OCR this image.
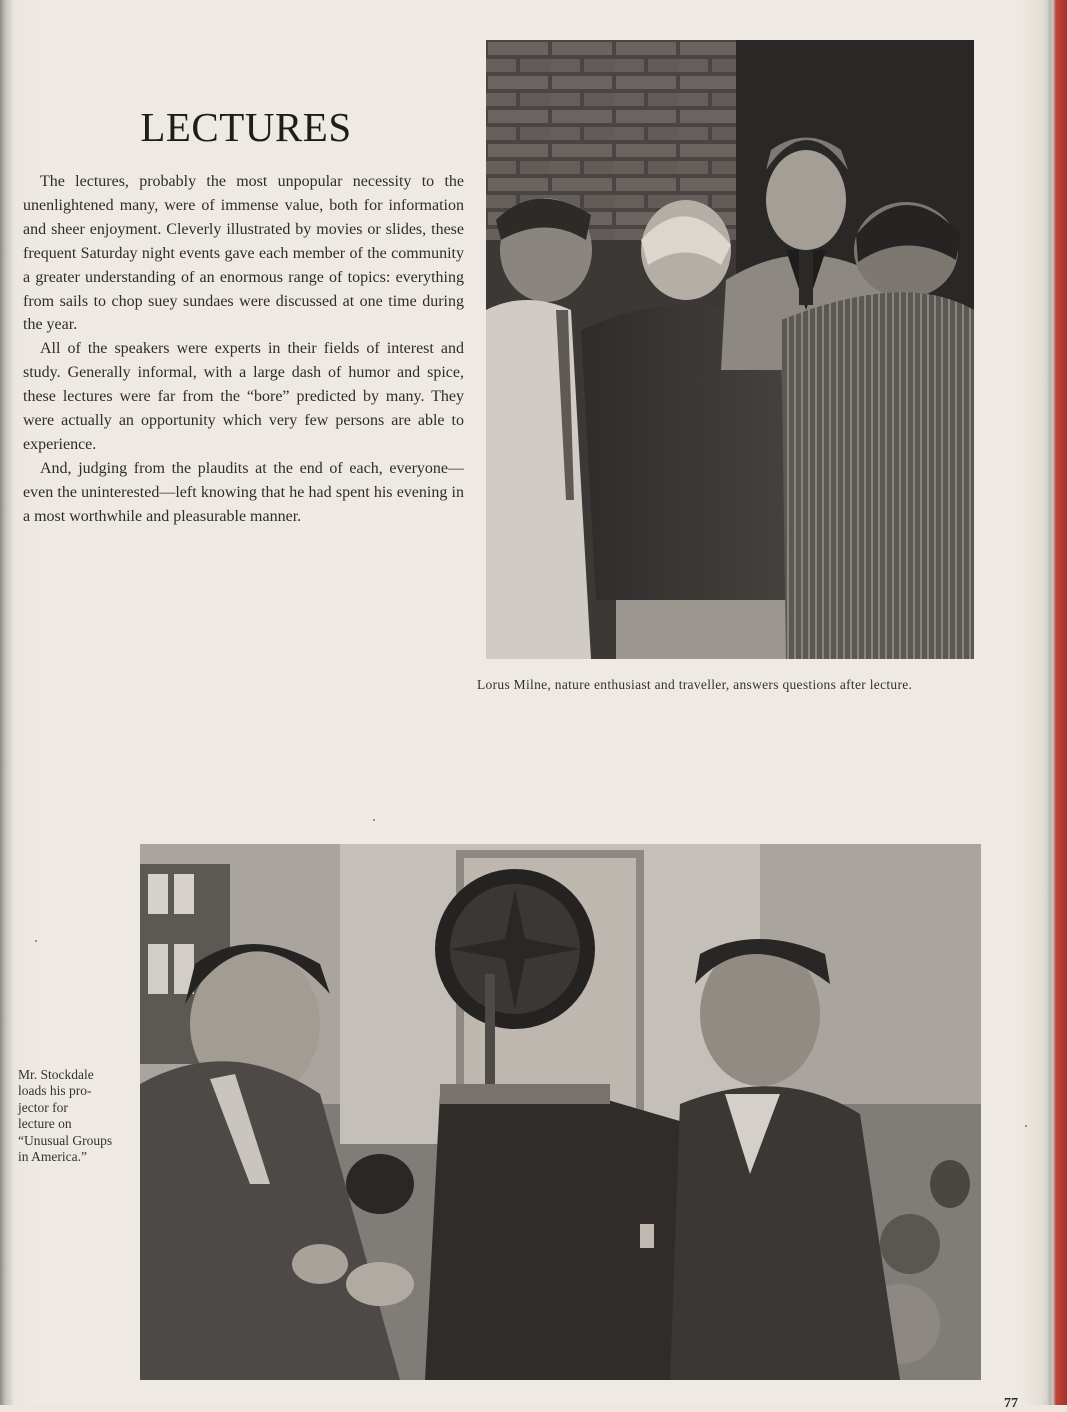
LECTURES

The lectures, probably the most unpopular necessity to the unenlightened many, were of immense value, both for information and sheer enjoyment. Cleverly illustrated by movies or slides, these frequent Saturday night events gave each member of the community a greater understanding of an enormous range of topics: everything from sails to chop suey sundaes were discussed at one time during the year.

All of the speakers were experts in their fields of interest and study. Generally informal, with a large dash of humor and spice, these lectures were far from the “bore” predicted by many. They were actually an opportunity which very few persons are able to experience.

And, judging from the plaudits at the end of each, everyone—even the uninterested—left knowing that he had spent his evening in a most worthwhile and pleasurable manner.

Lorus Milne, nature enthusiast and traveller, answers questions after lecture.
Mr. Stockdale
loads his pro-
jector for
lecture on
“Unusual Groups
in America.”
77
